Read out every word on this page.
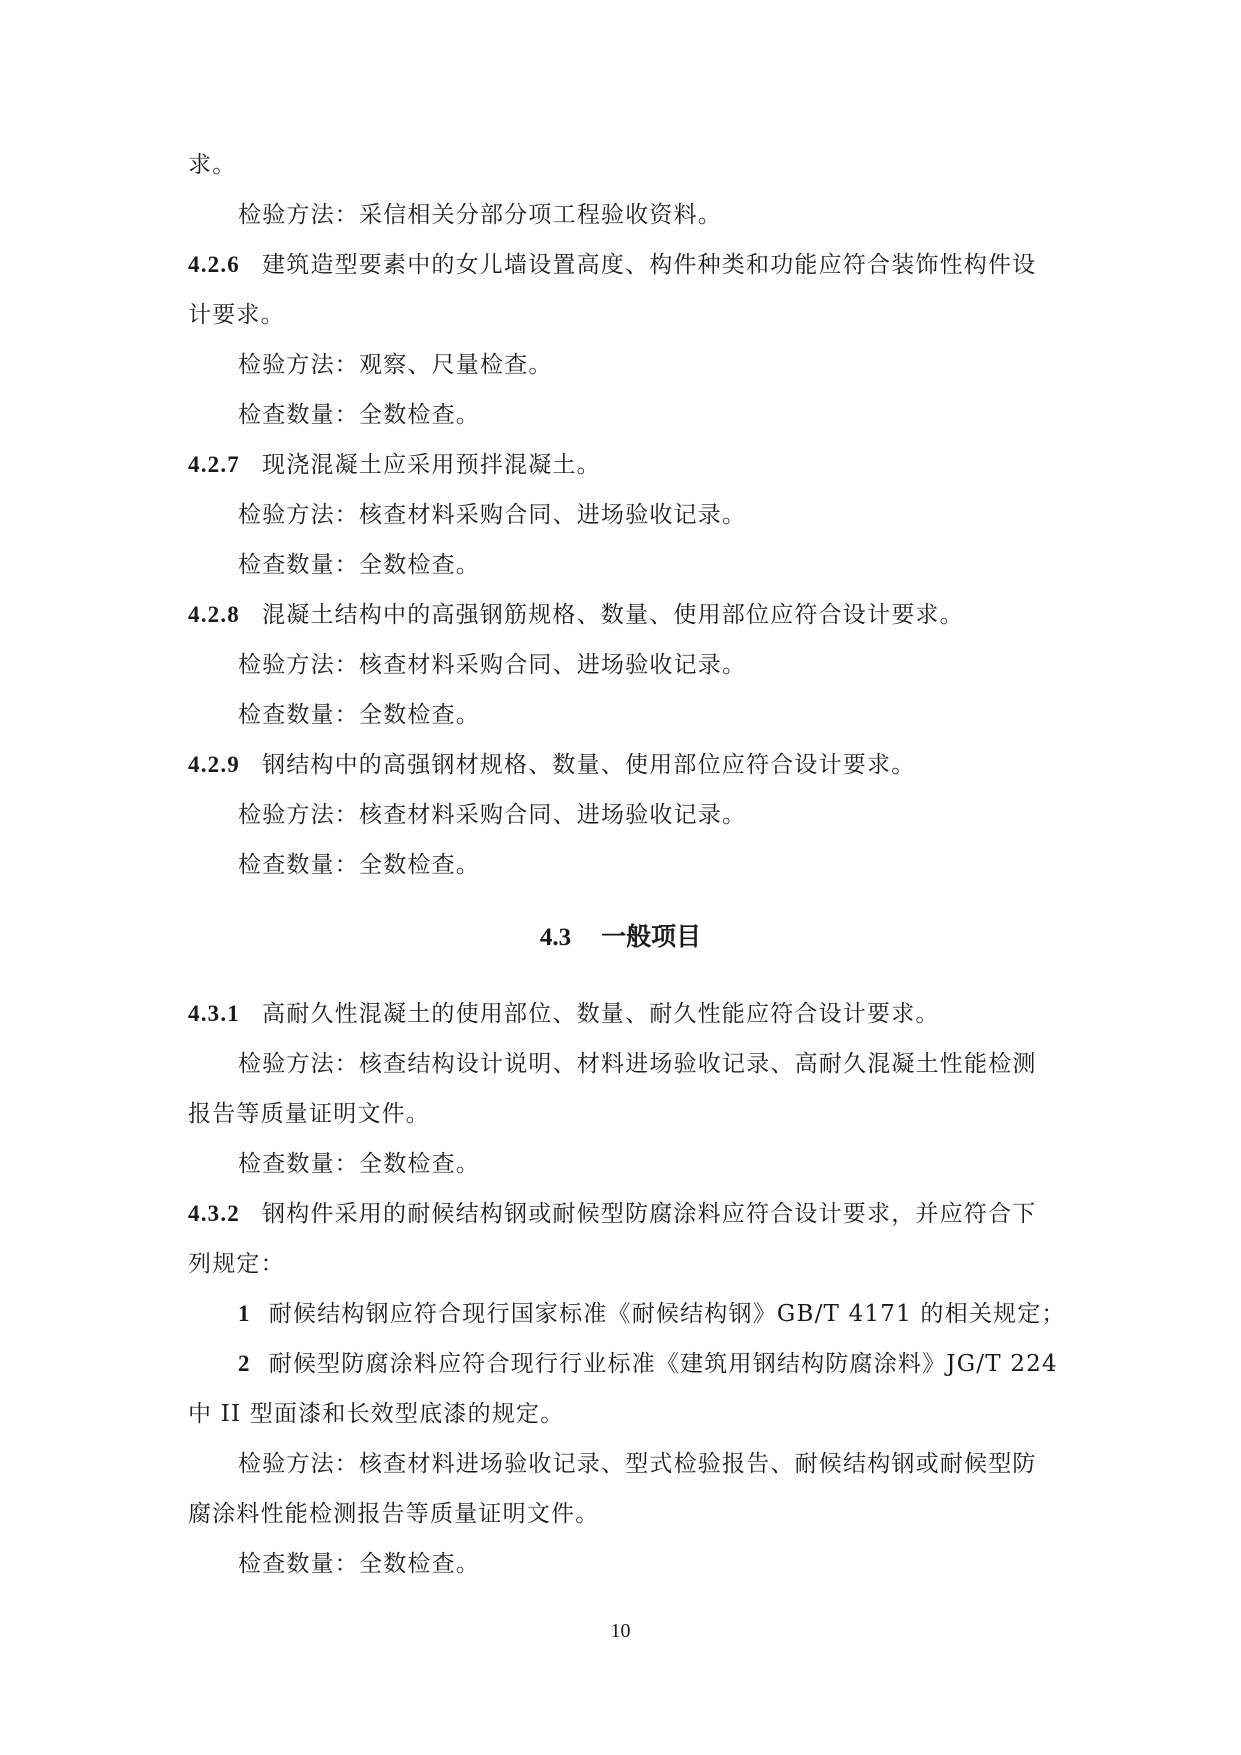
求。

检验方法：采信相关分部分项工程验收资料。

4.2.6 建筑造型要素中的女儿墙设置高度、构件种类和功能应符合装饰性构件设

计要求。

检验方法：观察、尺量检查。

检查数量：全数检查。

4.2.7 现浇混凝土应采用预拌混凝土。

检验方法：核查材料采购合同、进场验收记录。

检查数量：全数检查。

4.2.8 混凝土结构中的高强钢筋规格、数量、使用部位应符合设计要求。

检验方法：核查材料采购合同、进场验收记录。

检查数量：全数检查。

4.2.9 钢结构中的高强钢材规格、数量、使用部位应符合设计要求。

检验方法：核查材料采购合同、进场验收记录。

检查数量：全数检查。

4.3 一般项目

4.3.1 高耐久性混凝土的使用部位、数量、耐久性能应符合设计要求。

检验方法：核查结构设计说明、材料进场验收记录、高耐久混凝土性能检测

报告等质量证明文件。

检查数量：全数检查。

4.3.2 钢构件采用的耐候结构钢或耐候型防腐涂料应符合设计要求，并应符合下

列规定：

1 耐候结构钢应符合现行国家标准《耐候结构钢》GB/T 4171 的相关规定；

2 耐候型防腐涂料应符合现行行业标准《建筑用钢结构防腐涂料》JG/T 224

中 II 型面漆和长效型底漆的规定。

检验方法：核查材料进场验收记录、型式检验报告、耐候结构钢或耐候型防

腐涂料性能检测报告等质量证明文件。

检查数量：全数检查。

10
